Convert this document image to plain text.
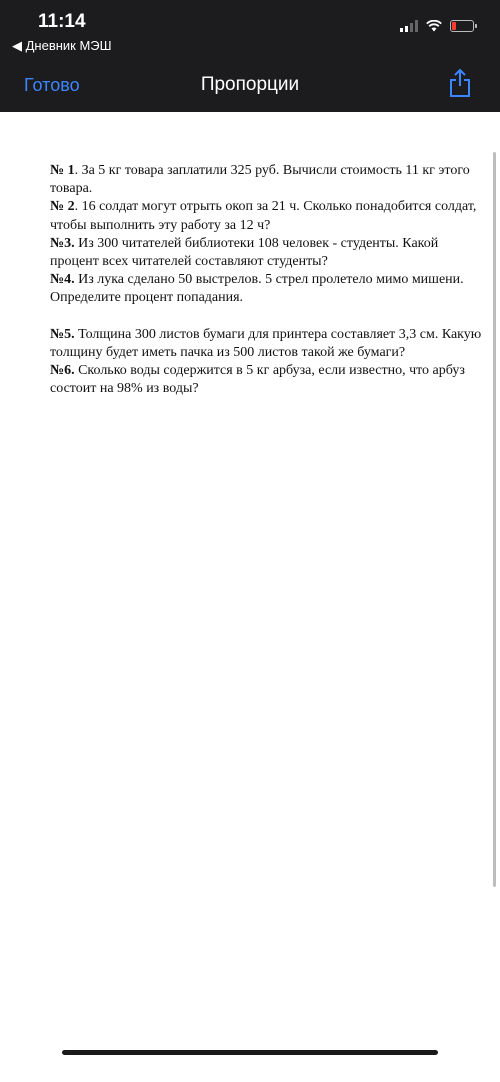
11:14
◀ Дневник МЭШ
Готово	Пропорции

№ 1. За 5 кг товара заплатили 325 руб. Вычисли стоимость 11 кг этого товара.

№ 2. 16 солдат могут отрыть окоп за 21 ч. Сколько понадобится солдат, чтобы выполнить эту работу за 12 ч?

№3. Из 300 читателей библиотеки 108 человек - студенты. Какой процент всех читателей составляют студенты?

№4. Из лука сделано 50 выстрелов. 5 стрел пролетело мимо мишени. Определите процент попадания.

№5. Толщина 300 листов бумаги для принтера составляет 3,3 см. Какую толщину будет иметь пачка из 500 листов такой же бумаги?

№6. Сколько воды содержится в 5 кг арбуза, если известно, что арбуз состоит на 98% из воды?
